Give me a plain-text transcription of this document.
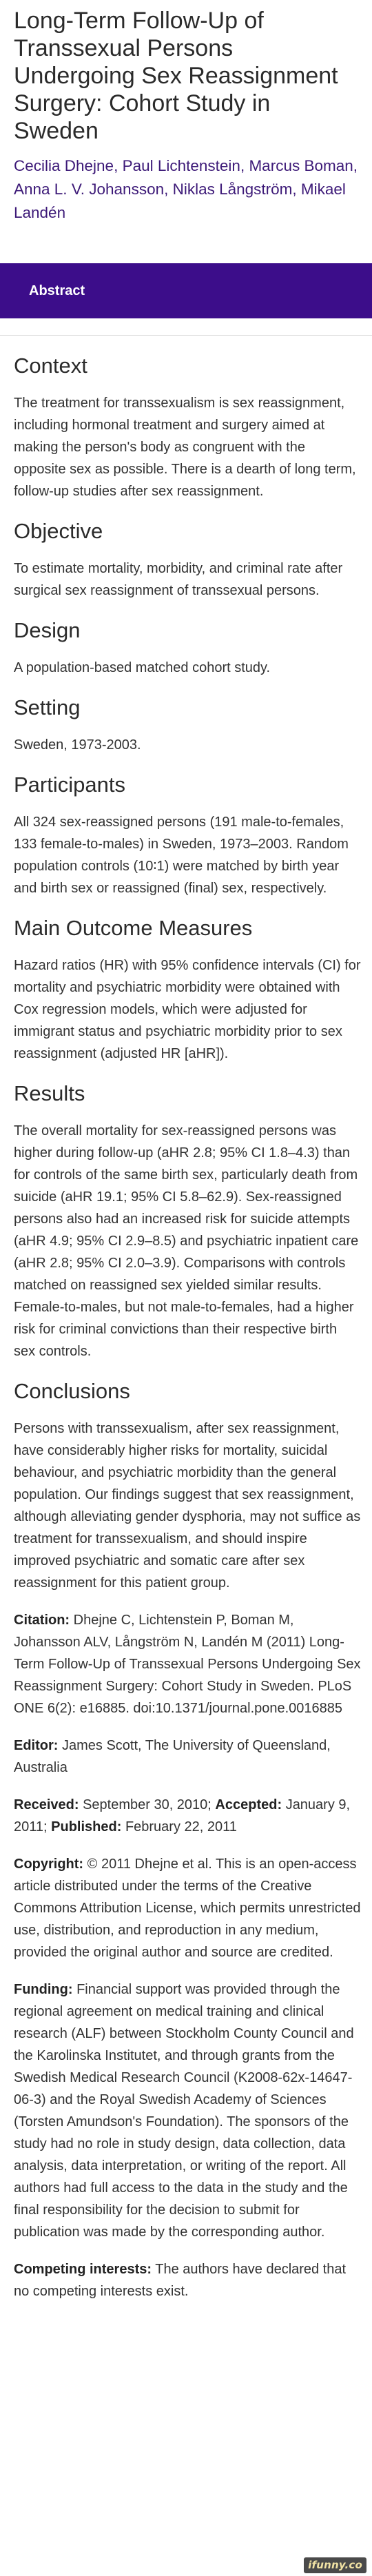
Long-Term Follow-Up of Transsexual Persons Undergoing Sex Reassignment Surgery: Cohort Study in Sweden

Cecilia Dhejne, Paul Lichtenstein, Marcus Boman, Anna L. V. Johansson, Niklas Långström, Mikael Landén

Abstract
Context

The treatment for transsexualism is sex reassignment, including hormonal treatment and surgery aimed at making the person's body as congruent with the opposite sex as possible. There is a dearth of long term, follow-up studies after sex reassignment.

Objective

To estimate mortality, morbidity, and criminal rate after surgical sex reassignment of transsexual persons.

Design

A population-based matched cohort study.

Setting

Sweden, 1973-2003.

Participants

All 324 sex-reassigned persons (191 male-to-females, 133 female-to-males) in Sweden, 1973–2003. Random population controls (10∶1) were matched by birth year and birth sex or reassigned (final) sex, respectively.

Main Outcome Measures

Hazard ratios (HR) with 95% confidence intervals (CI) for mortality and psychiatric morbidity were obtained with Cox regression models, which were adjusted for immigrant status and psychiatric morbidity prior to sex reassignment (adjusted HR [aHR]).

Results

The overall mortality for sex-reassigned persons was higher during follow-up (aHR 2.8; 95% CI 1.8–4.3) than for controls of the same birth sex, particularly death from suicide (aHR 19.1; 95% CI 5.8–62.9). Sex-reassigned persons also had an increased risk for suicide attempts (aHR 4.9; 95% CI 2.9–8.5) and psychiatric inpatient care (aHR 2.8; 95% CI 2.0–3.9). Comparisons with controls matched on reassigned sex yielded similar results. Female-to-males, but not male-to-females, had a higher risk for criminal convictions than their respective birth sex controls.

Conclusions

Persons with transsexualism, after sex reassignment, have considerably higher risks for mortality, suicidal behaviour, and psychiatric morbidity than the general population. Our findings suggest that sex reassignment, although alleviating gender dysphoria, may not suffice as treatment for transsexualism, and should inspire improved psychiatric and somatic care after sex reassignment for this patient group.

Citation: Dhejne C, Lichtenstein P, Boman M, Johansson ALV, Långström N, Landén M (2011) Long-Term Follow-Up of Transsexual Persons Undergoing Sex Reassignment Surgery: Cohort Study in Sweden. PLoS ONE 6(2): e16885. doi:10.1371/journal.pone.0016885

Editor: James Scott, The University of Queensland, Australia

Received: September 30, 2010; Accepted: January 9, 2011; Published: February 22, 2011

Copyright: © 2011 Dhejne et al. This is an open-access article distributed under the terms of the Creative Commons Attribution License, which permits unrestricted use, distribution, and reproduction in any medium, provided the original author and source are credited.

Funding: Financial support was provided through the regional agreement on medical training and clinical research (ALF) between Stockholm County Council and the Karolinska Institutet, and through grants from the Swedish Medical Research Council (K2008-62x-14647-06-3) and the Royal Swedish Academy of Sciences (Torsten Amundson's Foundation). The sponsors of the study had no role in study design, data collection, data analysis, data interpretation, or writing of the report. All authors had full access to the data in the study and the final responsibility for the decision to submit for publication was made by the corresponding author.

Competing interests: The authors have declared that no competing interests exist.

ifunny.co
